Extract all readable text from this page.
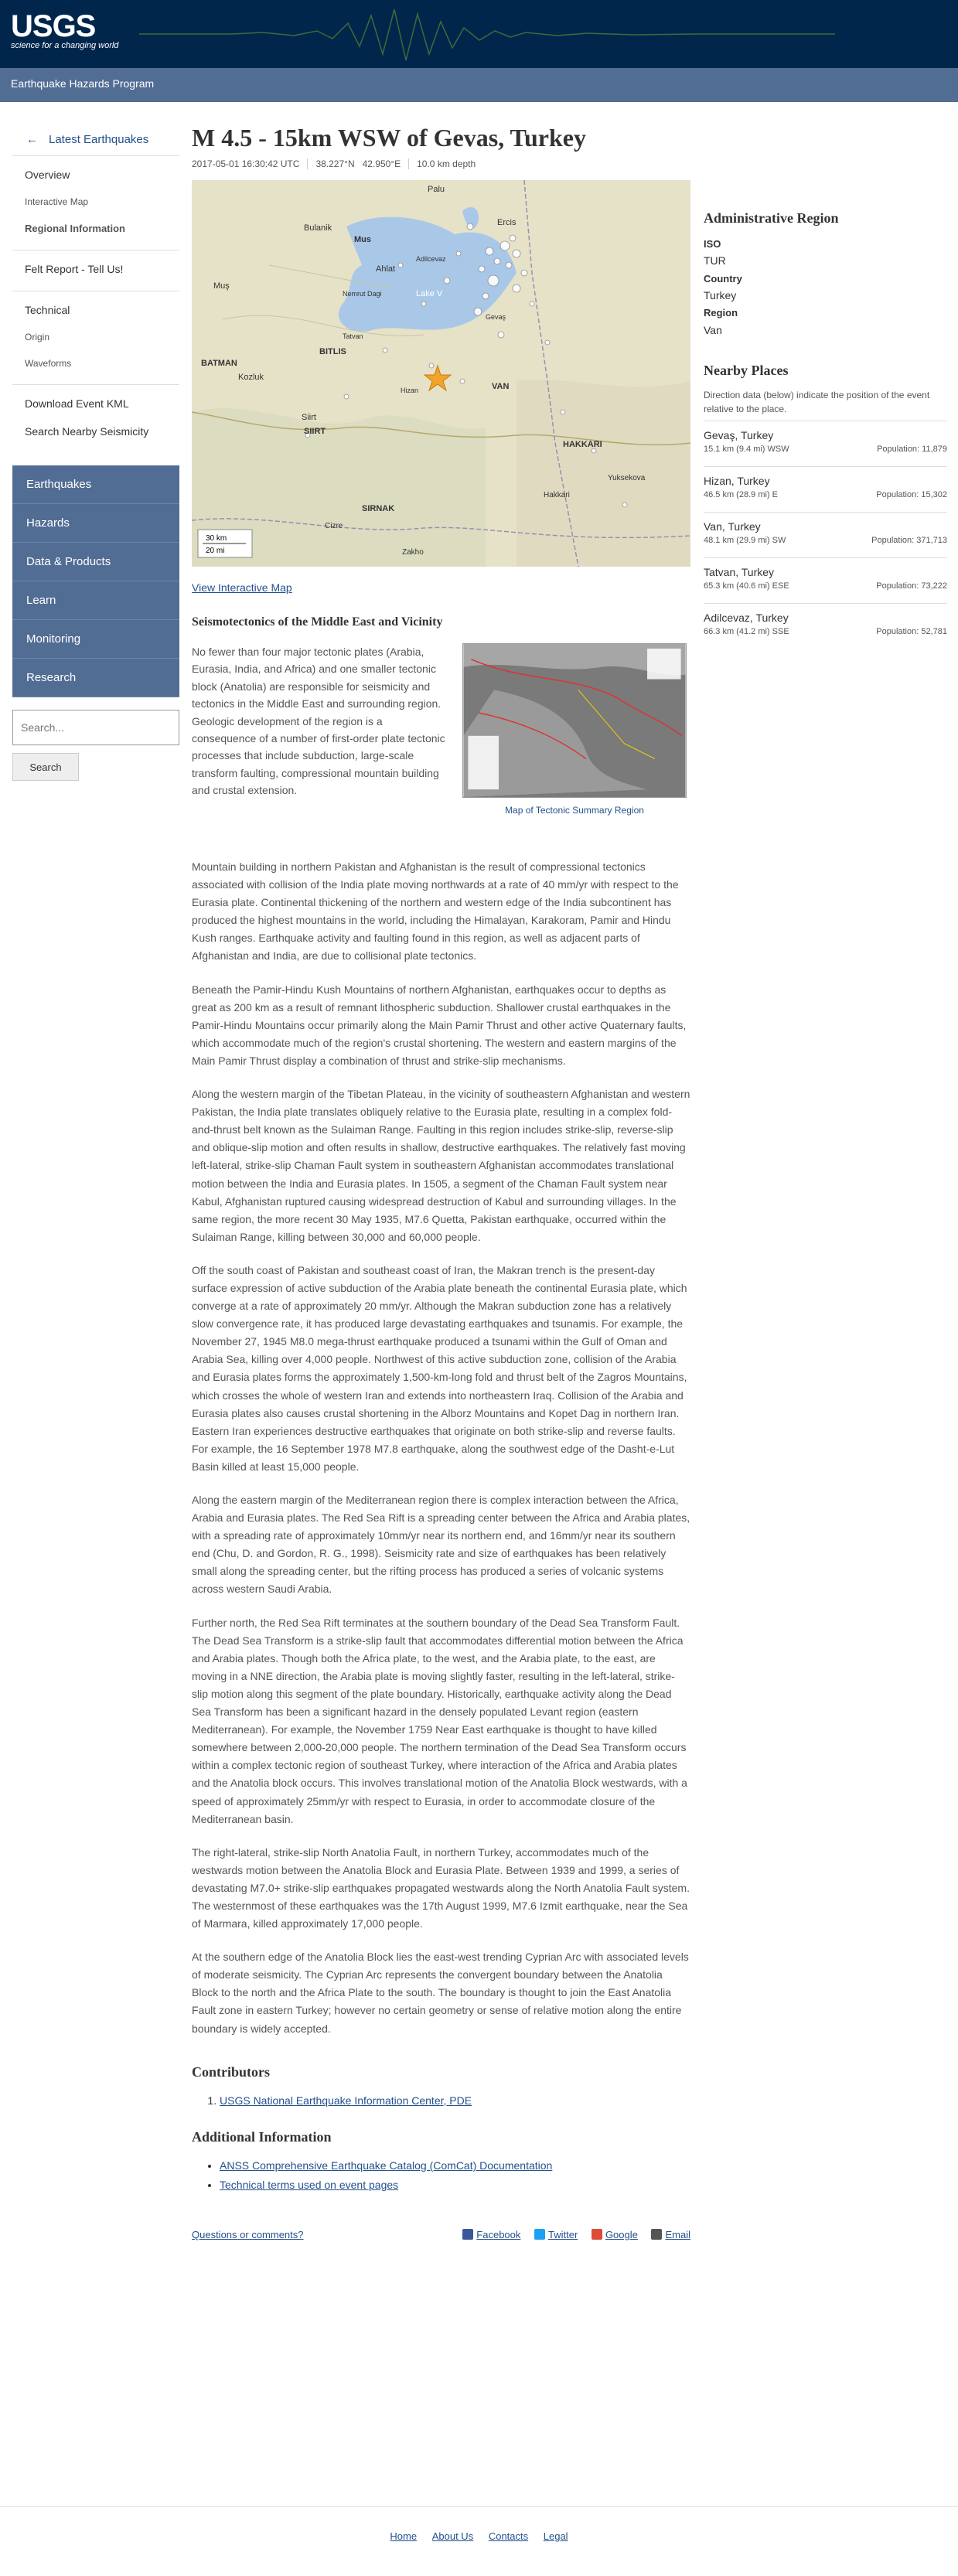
USGS
science for a changing world
Earthquake Hazards Program
← Latest Earthquakes
Overview
Interactive Map
Regional Information
Felt Report - Tell Us!
Technical
Origin
Waveforms
Download Event KML
Search Nearby Seismicity
Earthquakes
Hazards
Data & Products
Learn
Monitoring
Research
Search... Search
M 4.5 - 15km WSW of Gevas, Turkey
2017-05-01 16:30:42 UTC 38.227°N 42.950°E 10.0 km depth
Palu
Bulanik
Mus
Muş
Ercis
Ahlat
Nemrut Dagi	Lake V
Adilcevaz
BITLIS
Tatvan
BATMAN
Kozluk
Siirt
SIIRT
VAN
HAKKARI
Yuksekova
SIRNAK
Cizre
Zakho
Hakkari
Gevaş
Hizan
30 km
20 mi
View Interactive Map
Seismotectonics of the Middle East and Vicinity

No fewer than four major tectonic plates (Arabia, Eurasia, India, and Africa) and one smaller tectonic block (Anatolia) are responsible for seismicity and tectonics in the Middle East and surrounding region. Geologic development of the region is a consequence of a number of first-order plate tectonic processes that include subduction, large-scale transform faulting, compressional mountain building and crustal extension.

Map of Tectonic Summary Region

Mountain building in northern Pakistan and Afghanistan is the result of compressional tectonics associated with collision of the India plate moving northwards at a rate of 40 mm/yr with respect to the Eurasia plate. Continental thickening of the northern and western edge of the India subcontinent has produced the highest mountains in the world, including the Himalayan, Karakoram, Pamir and Hindu Kush ranges. Earthquake activity and faulting found in this region, as well as adjacent parts of Afghanistan and India, are due to collisional plate tectonics.

Beneath the Pamir-Hindu Kush Mountains of northern Afghanistan, earthquakes occur to depths as great as 200 km as a result of remnant lithospheric subduction. Shallower crustal earthquakes in the Pamir-Hindu Mountains occur primarily along the Main Pamir Thrust and other active Quaternary faults, which accommodate much of the region's crustal shortening. The western and eastern margins of the Main Pamir Thrust display a combination of thrust and strike-slip mechanisms.

Along the western margin of the Tibetan Plateau, in the vicinity of southeastern Afghanistan and western Pakistan, the India plate translates obliquely relative to the Eurasia plate, resulting in a complex fold-and-thrust belt known as the Sulaiman Range. Faulting in this region includes strike-slip, reverse-slip and oblique-slip motion and often results in shallow, destructive earthquakes. The relatively fast moving left-lateral, strike-slip Chaman Fault system in southeastern Afghanistan accommodates translational motion between the India and Eurasia plates. In 1505, a segment of the Chaman Fault system near Kabul, Afghanistan ruptured causing widespread destruction of Kabul and surrounding villages. In the same region, the more recent 30 May 1935, M7.6 Quetta, Pakistan earthquake, occurred within the Sulaiman Range, killing between 30,000 and 60,000 people.

Off the south coast of Pakistan and southeast coast of Iran, the Makran trench is the present-day surface expression of active subduction of the Arabia plate beneath the continental Eurasia plate, which converge at a rate of approximately 20 mm/yr. Although the Makran subduction zone has a relatively slow convergence rate, it has produced large devastating earthquakes and tsunamis. For example, the November 27, 1945 M8.0 mega-thrust earthquake produced a tsunami within the Gulf of Oman and Arabia Sea, killing over 4,000 people. Northwest of this active subduction zone, collision of the Arabia and Eurasia plates forms the approximately 1,500-km-long fold and thrust belt of the Zagros Mountains, which crosses the whole of western Iran and extends into northeastern Iraq. Collision of the Arabia and Eurasia plates also causes crustal shortening in the Alborz Mountains and Kopet Dag in northern Iran. Eastern Iran experiences destructive earthquakes that originate on both strike-slip and reverse faults. For example, the 16 September 1978 M7.8 earthquake, along the southwest edge of the Dasht-e-Lut Basin killed at least 15,000 people.

Along the eastern margin of the Mediterranean region there is complex interaction between the Africa, Arabia and Eurasia plates. The Red Sea Rift is a spreading center between the Africa and Arabia plates, with a spreading rate of approximately 10mm/yr near its northern end, and 16mm/yr near its southern end (Chu, D. and Gordon, R. G., 1998). Seismicity rate and size of earthquakes has been relatively small along the spreading center, but the rifting process has produced a series of volcanic systems across western Saudi Arabia.

Further north, the Red Sea Rift terminates at the southern boundary of the Dead Sea Transform Fault. The Dead Sea Transform is a strike-slip fault that accommodates differential motion between the Africa and Arabia plates. Though both the Africa plate, to the west, and the Arabia plate, to the east, are moving in a NNE direction, the Arabia plate is moving slightly faster, resulting in the left-lateral, strike-slip motion along this segment of the plate boundary. Historically, earthquake activity along the Dead Sea Transform has been a significant hazard in the densely populated Levant region (eastern Mediterranean). For example, the November 1759 Near East earthquake is thought to have killed somewhere between 2,000-20,000 people. The northern termination of the Dead Sea Transform occurs within a complex tectonic region of southeast Turkey, where interaction of the Africa and Arabia plates and the Anatolia block occurs. This involves translational motion of the Anatolia Block westwards, with a speed of approximately 25mm/yr with respect to Eurasia, in order to accommodate closure of the Mediterranean basin.

The right-lateral, strike-slip North Anatolia Fault, in northern Turkey, accommodates much of the westwards motion between the Anatolia Block and Eurasia Plate. Between 1939 and 1999, a series of devastating M7.0+ strike-slip earthquakes propagated westwards along the North Anatolia Fault system. The westernmost of these earthquakes was the 17th August 1999, M7.6 Izmit earthquake, near the Sea of Marmara, killed approximately 17,000 people.

At the southern edge of the Anatolia Block lies the east-west trending Cyprian Arc with associated levels of moderate seismicity. The Cyprian Arc represents the convergent boundary between the Anatolia Block to the north and the Africa Plate to the south. The boundary is thought to join the East Anatolia Fault zone in eastern Turkey; however no certain geometry or sense of relative motion along the entire boundary is widely accepted.

Contributors
1. USGS National Earthquake Information Center, PDE
Additional Information
• ANSS Comprehensive Earthquake Catalog (ComCat) Documentation
• Technical terms used on event pages
Questions or comments?	Facebook	Twitter	Google	Email
Administrative Region
ISO
TUR
Country
Turkey
Region
Van
Nearby Places
Direction data (below) indicate the position of the event relative to the place.
Gevaş, Turkey
15.1 km (9.4 mi) WSW	Population: 11,879
Hizan, Turkey
46.5 km (28.9 mi) E	Population: 15,302
Van, Turkey
48.1 km (29.9 mi) SW	Population: 371,713
Tatvan, Turkey
65.3 km (40.6 mi) ESE	Population: 73,222
Adilcevaz, Turkey
66.3 km (41.2 mi) SSE	Population: 52,781
Home About Us Contacts Legal
